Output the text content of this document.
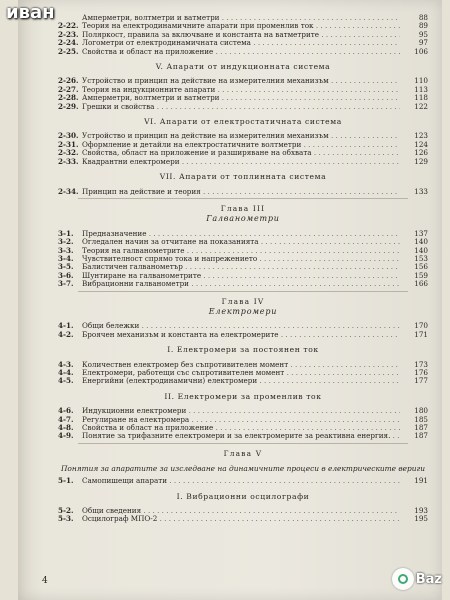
Амперметри, волтметри и ватметри . . .	88
2-22. Теория на електродинамичните апарати при променлив ток . . .	89
2-23. Поляркост, правила за включване и константа на ватметрите . . .	95
2-24. Логометри от електродинамичната система . . .	97
2-25. Свойства и област на приложение . . .	106
V. Апарати от индукционната система
2-26. Устройство и принцип на действие на измерителния механизъм . . .	110
2-27. Теория на индукционните апарати . . .	113
2-28. Амперметри, волтметри и ватметри . . .	118
2-29. Грешки и свойства . . .	122
VI. Апарати от електростатичната система
2-30. Устройство и принцип на действие на измерителния механизъм . . .	123
2-31. Оформление и детайли на електростатичните волтметри . . .	124
2-32. Свойства, област на приложение и разширяване на обхвата . . .	126
2-33. Квадрантни електромери . . .	129
VII. Апарати от топлинната система
2-34. Принцип на действие и теория . . .	133
Глава III
Галванометри
3-1.	Предназначение . . .	137
3-2.	Огледален начин за отчитане на показанията . . .	140
3-3.	Теория на галванометрите . . .	140
3-4.	Чувствителност спрямо тока и напрежението . . .	153
3-5.	Балистичен галванометър . . .	156
3-6.	Шунтиране на галванометрите . . .	159
3-7.	Вибрационни галванометри . . .	166
Глава IV
Електромери
4-1.	Общи бележки . . .	170
4-2.	Броячен механизъм и константа на електромерите . . .	171
I. Електромери за постоянен ток
4-3.	Количествен електромер без съпротивителен момент . . .	173
4-4.	Електромери, работещи със съпротивителен момент . . .	176
4-5.	Енергийни (електродинамични) електромери . . .	177
II. Електромери за променлив ток
4-6.	Индукционни електромери . . .	180
4-7.	Регулиране на електромера . . .	185
4-8.	Свойства и област на приложение . . .	187
4-9.	Понятие за трифазните електромери и за електромерите за реактивна енергия. . . .	187
Глава V
Понятия за апаратите за изследване на динамичните процеси в електрическите вериги
5-1.	Самопишещи апарати . . .	191
I. Вибрационни осцилографи
5-2.	Общи сведения . . .	193
5-3.	Осцилограф МПО-2 . . .	195
4
иван
Baz
